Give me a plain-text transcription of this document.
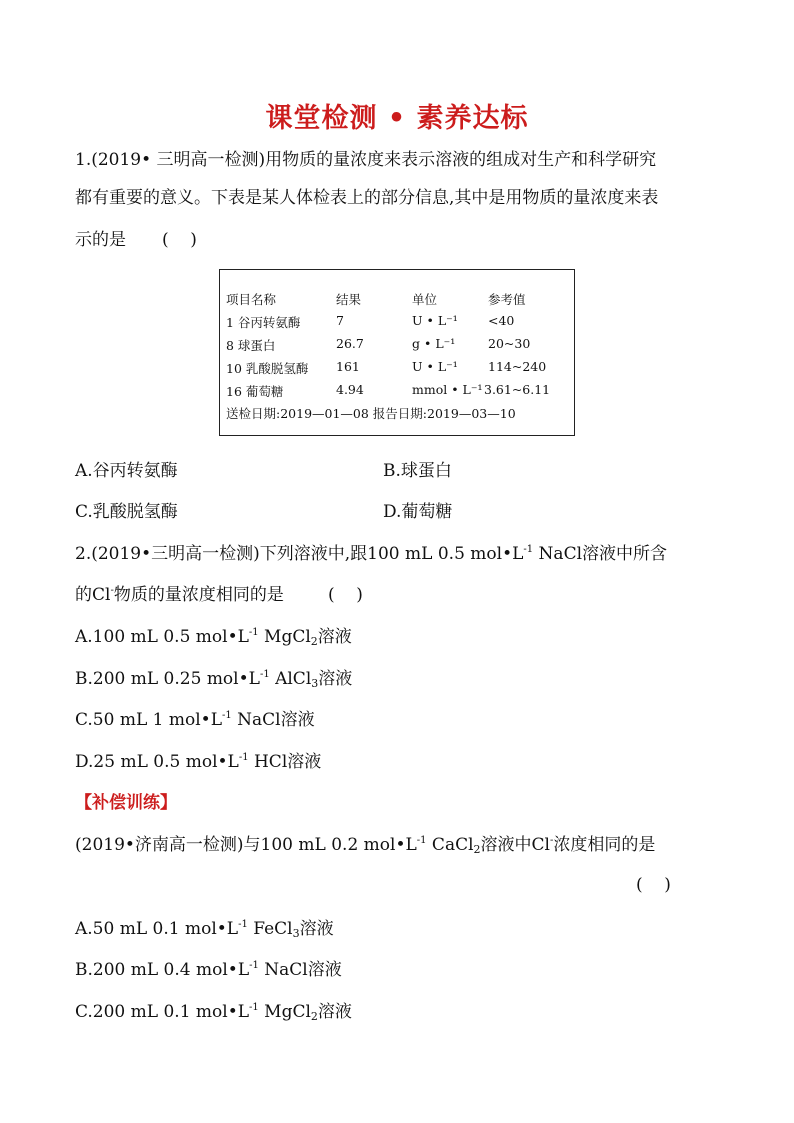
课堂检测 • 素养达标
1.(2019• 三明高一检测)用物质的量浓度来表示溶液的组成对生产和科学研究
都有重要的意义。下表是某人体检表上的部分信息,其中是用物质的量浓度来表
示的是 (    )
项目名称	结果	单位	参考值
1 谷丙转氨酶	7	U • L⁻¹ <40
8 球蛋白	26.7	g • L⁻¹	20~30
10 乳酸脱氢酶 161	U • L⁻¹ 114~240
16 葡萄糖	4.94	mmol • L⁻¹ 3.61~6.11
送检日期:2019—01—08 报告日期:2019—03—10
A.谷丙转氨酶	B.球蛋白
C.乳酸脱氢酶	D.葡萄糖
2.(2019•三明高一检测)下列溶液中,跟100 mL 0.5 $mol•L^{-1}$ NaCl溶液中所含
的Cl-物质的量浓度相同的是	(    )
A.100 mL 0.5 $mol•L^{-1}$ MgCl$_2$溶液
B.200 mL 0.25 $mol•L^{-1}$ AlCl$_3$溶液
C.50 mL 1 $mol•L^{-1}$ NaCl溶液
D.25 mL 0.5 $mol•L^{-1}$ HCl溶液
【补偿训练】
(2019•济南高一检测)与100 mL 0.2 $mol•L^{-1}$ CaCl$_2$溶液中Cl-浓度相同的是
(    )
A.50 mL 0.1 $mol•L^{-1}$ FeCl$_3$溶液
B.200 mL 0.4 $mol•L^{-1}$ NaCl溶液
C.200 mL 0.1 $mol•L^{-1}$ MgCl$_2$溶液
